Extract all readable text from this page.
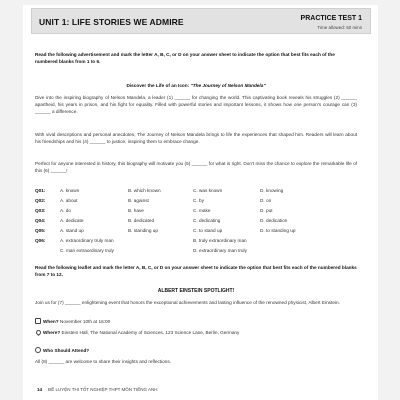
UNIT 1: LIFE STORIES WE ADMIRE	PRACTICE TEST 1
Time allowed: 50 mins
Read the following advertisement and mark the letter A, B, C, or D on your answer sheet to indicate the option that best fits each of the numbered blanks from 1 to 6.
Discover the Life of an Icon: "The Journey of Nelson Mandela"
Dive into the inspiring biography of Nelson Mandela, a leader (1) ______ for changing the world. This captivating book reveals his struggles (2) ______ apartheid, his years in prison, and his fight for equality. Filled with powerful stories and important lessons, it shows how one person's courage can (3) ______ a difference.
With vivid descriptions and personal anecdotes, The Journey of Nelson Mandela brings to life the experiences that shaped him. Readers will learn about his friendships and his (4) ______ to justice, inspiring them to embrace change.
Perfect for anyone interested in history, this biography will motivate you (5) ______ for what is right. Don't miss the chance to explore the remarkable life of this (6) ______!
Q01:	A. known	B. which known	C. was known	D. knowing
Q02:	A. about	B. against	C. by	D. on
Q03:	A. do	B. have	C. make	D. put
Q04:	A. dedicate	B. dedicated	C. dedicating	D. dedication
Q05:	A. stand up	B. standing up	C. to stand up	D. to standing up
Q06:	A. extraordinary truly man	B. truly extraordinary man
C. man extraordinary truly	D. extraordinary man truly
Read the following leaflet and mark the letter A, B, C, or D on your answer sheet to indicate the option that best fits each of the numbered blanks from 7 to 12.
ALBERT EINSTEIN SPOTLIGHT!
Join us for (7) ______ enlightening event that honors the exceptional achievements and lasting influence of the renowned physicist, Albert Einstein.
When? November 10th at 16:00
Where? Einstein Hall, The National Academy of Sciences, 123 Science Lane, Berlin, Germany
Who Should Attend?
All (8) ______ are welcome to share their insights and reflections.
14 ĐỀ LUYỆN THI TỐT NGHIỆP THPT MÔN TIẾNG ANH
